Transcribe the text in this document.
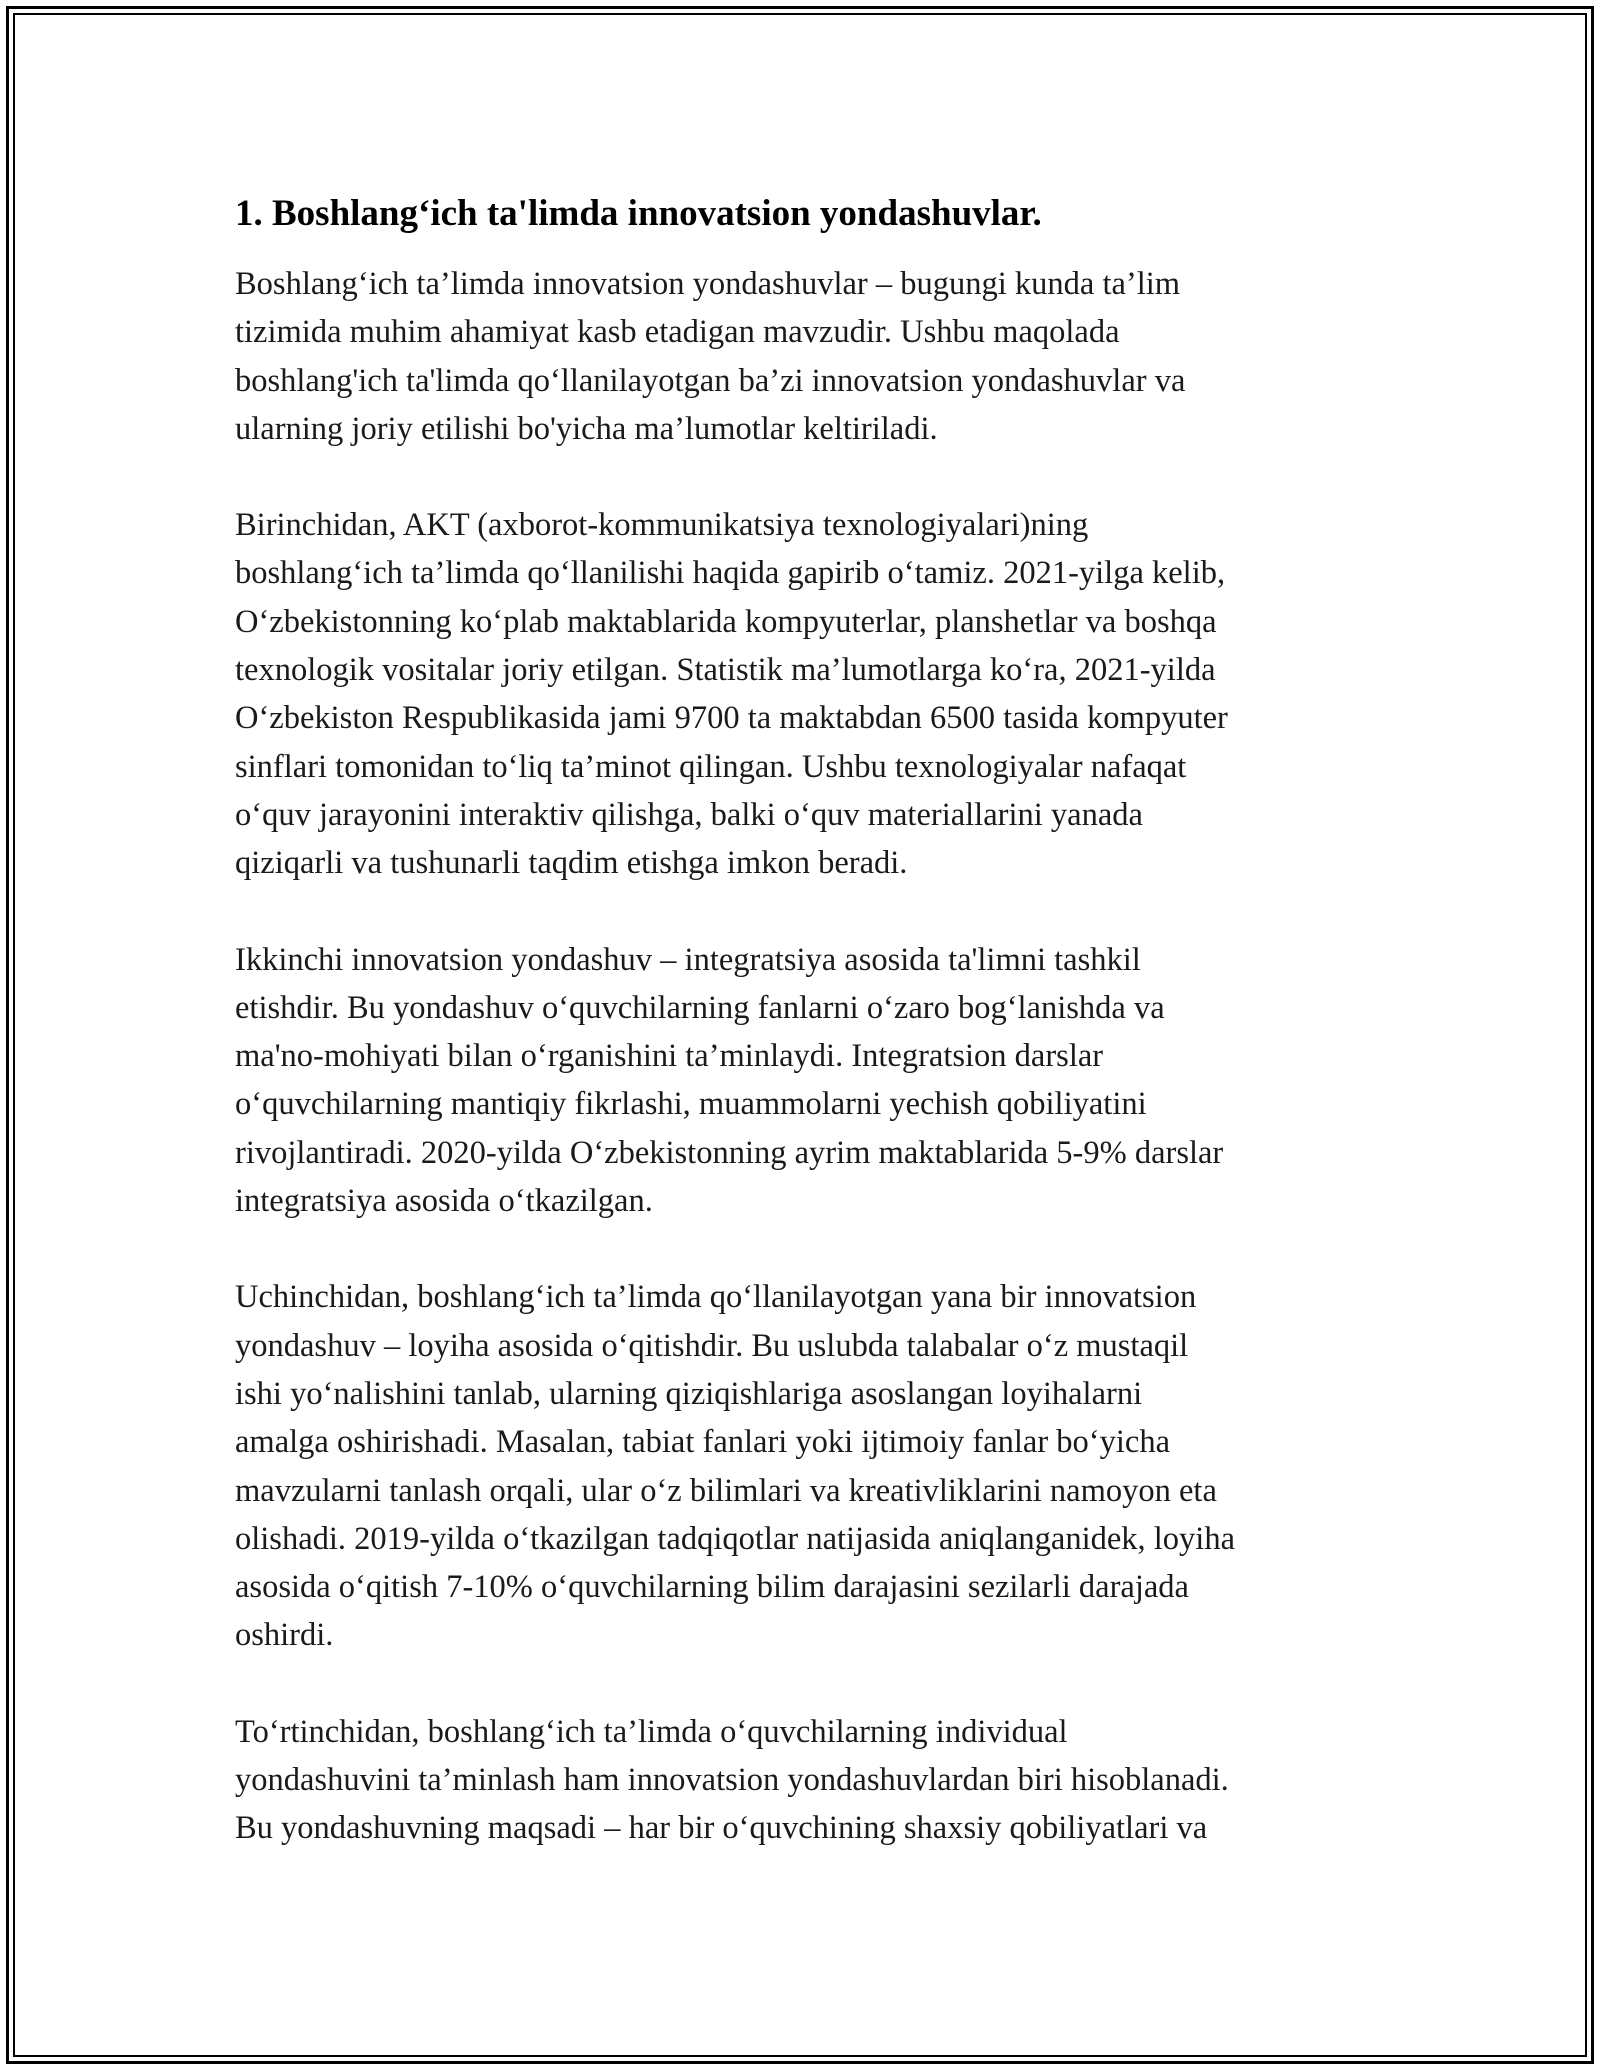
1. Boshlang‘ich ta'limda innovatsion yondashuvlar.

Boshlang‘ich ta’limda innovatsion yondashuvlar – bugungi kunda ta’lim
tizimida muhim ahamiyat kasb etadigan mavzudir. Ushbu maqolada
boshlang'ich ta'limda qo‘llanilayotgan ba’zi innovatsion yondashuvlar va
ularning joriy etilishi bo'yicha ma’lumotlar keltiriladi.

Birinchidan, AKT (axborot-kommunikatsiya texnologiyalari)ning
boshlang‘ich ta’limda qo‘llanilishi haqida gapirib o‘tamiz. 2021-yilga kelib,
O‘zbekistonning ko‘plab maktablarida kompyuterlar, planshetlar va boshqa
texnologik vositalar joriy etilgan. Statistik ma’lumotlarga ko‘ra, 2021-yilda
O‘zbekiston Respublikasida jami 9700 ta maktabdan 6500 tasida kompyuter
sinflari tomonidan to‘liq ta’minot qilingan. Ushbu texnologiyalar nafaqat
o‘quv jarayonini interaktiv qilishga, balki o‘quv materiallarini yanada
qiziqarli va tushunarli taqdim etishga imkon beradi.

Ikkinchi innovatsion yondashuv – integratsiya asosida ta'limni tashkil
etishdir. Bu yondashuv o‘quvchilarning fanlarni o‘zaro bog‘lanishda va
ma'no-mohiyati bilan o‘rganishini ta’minlaydi. Integratsion darslar
o‘quvchilarning mantiqiy fikrlashi, muammolarni yechish qobiliyatini
rivojlantiradi. 2020-yilda O‘zbekistonning ayrim maktablarida 5-9% darslar
integratsiya asosida o‘tkazilgan.

Uchinchidan, boshlang‘ich ta’limda qo‘llanilayotgan yana bir innovatsion
yondashuv – loyiha asosida o‘qitishdir. Bu uslubda talabalar o‘z mustaqil
ishi yo‘nalishini tanlab, ularning qiziqishlariga asoslangan loyihalarni
amalga oshirishadi. Masalan, tabiat fanlari yoki ijtimoiy fanlar bo‘yicha
mavzularni tanlash orqali, ular o‘z bilimlari va kreativliklarini namoyon eta
olishadi. 2019-yilda o‘tkazilgan tadqiqotlar natijasida aniqlanganidek, loyiha
asosida o‘qitish 7-10% o‘quvchilarning bilim darajasini sezilarli darajada
oshirdi.

To‘rtinchidan, boshlang‘ich ta’limda o‘quvchilarning individual
yondashuvini ta’minlash ham innovatsion yondashuvlardan biri hisoblanadi.
Bu yondashuvning maqsadi – har bir o‘quvchining shaxsiy qobiliyatlari va
